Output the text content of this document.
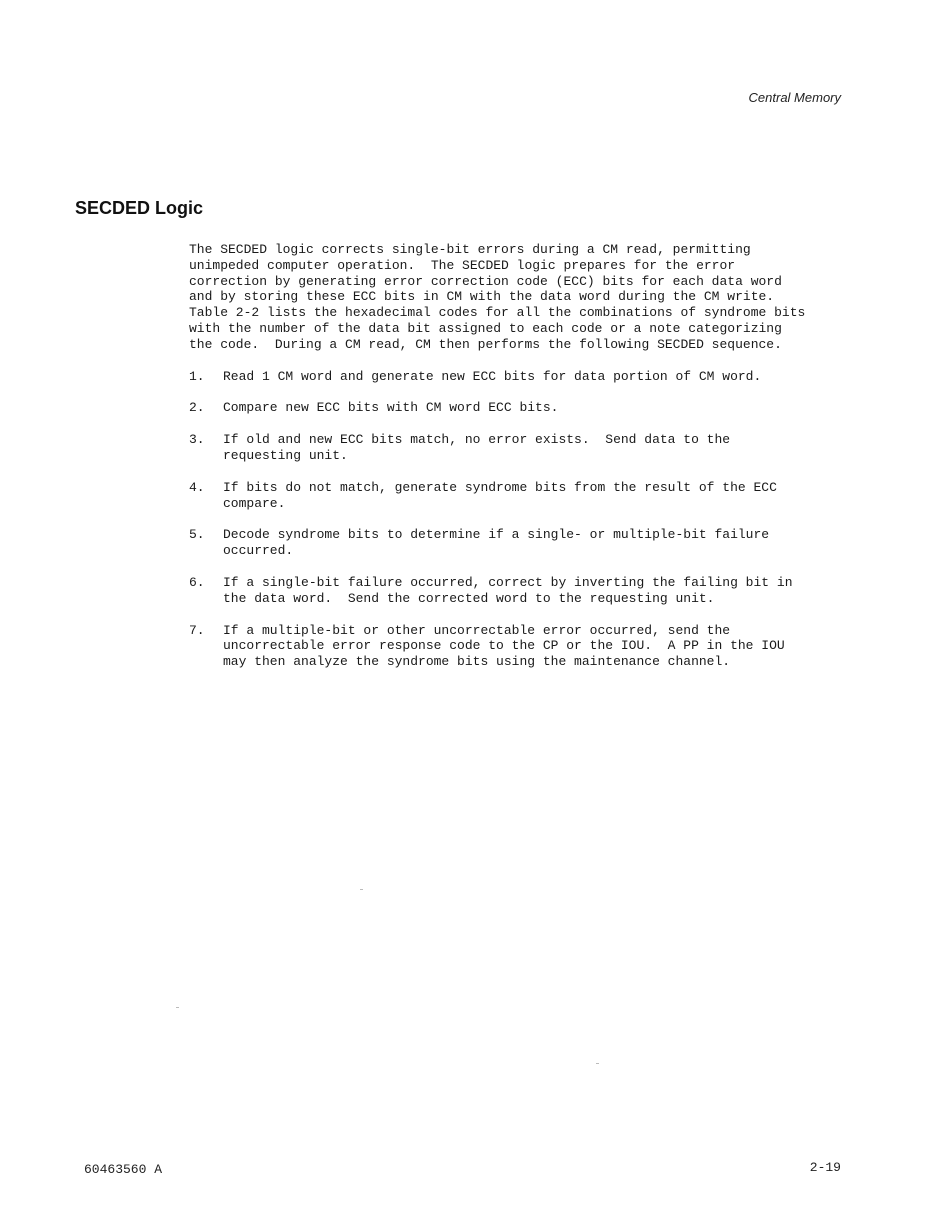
Central Memory
SECDED Logic

The SECDED logic corrects single-bit errors during a CM read, permitting

unimpeded computer operation.  The SECDED logic prepares for the error

correction by generating error correction code (ECC) bits for each data word

and by storing these ECC bits in CM with the data word during the CM write.

Table 2-2 lists the hexadecimal codes for all the combinations of syndrome bits

with the number of the data bit assigned to each code or a note categorizing

the code.  During a CM read, CM then performs the following SECDED sequence.

1.	Read 1 CM word and generate new ECC bits for data portion of CM word.
2.	Compare new ECC bits with CM word ECC bits.
3.	If old and new ECC bits match, no error exists.  Send data to the
requesting unit.
4.	If bits do not match, generate syndrome bits from the result of the ECC
compare.
5.	Decode syndrome bits to determine if a single- or multiple-bit failure
occurred.
6.	If a single-bit failure occurred, correct by inverting the failing bit in
the data word.  Send the corrected word to the requesting unit.
7.	If a multiple-bit or other uncorrectable error occurred, send the
uncorrectable error response code to the CP or the IOU.  A PP in the IOU
may then analyze the syndrome bits using the maintenance channel.
60463560 A	2-19
